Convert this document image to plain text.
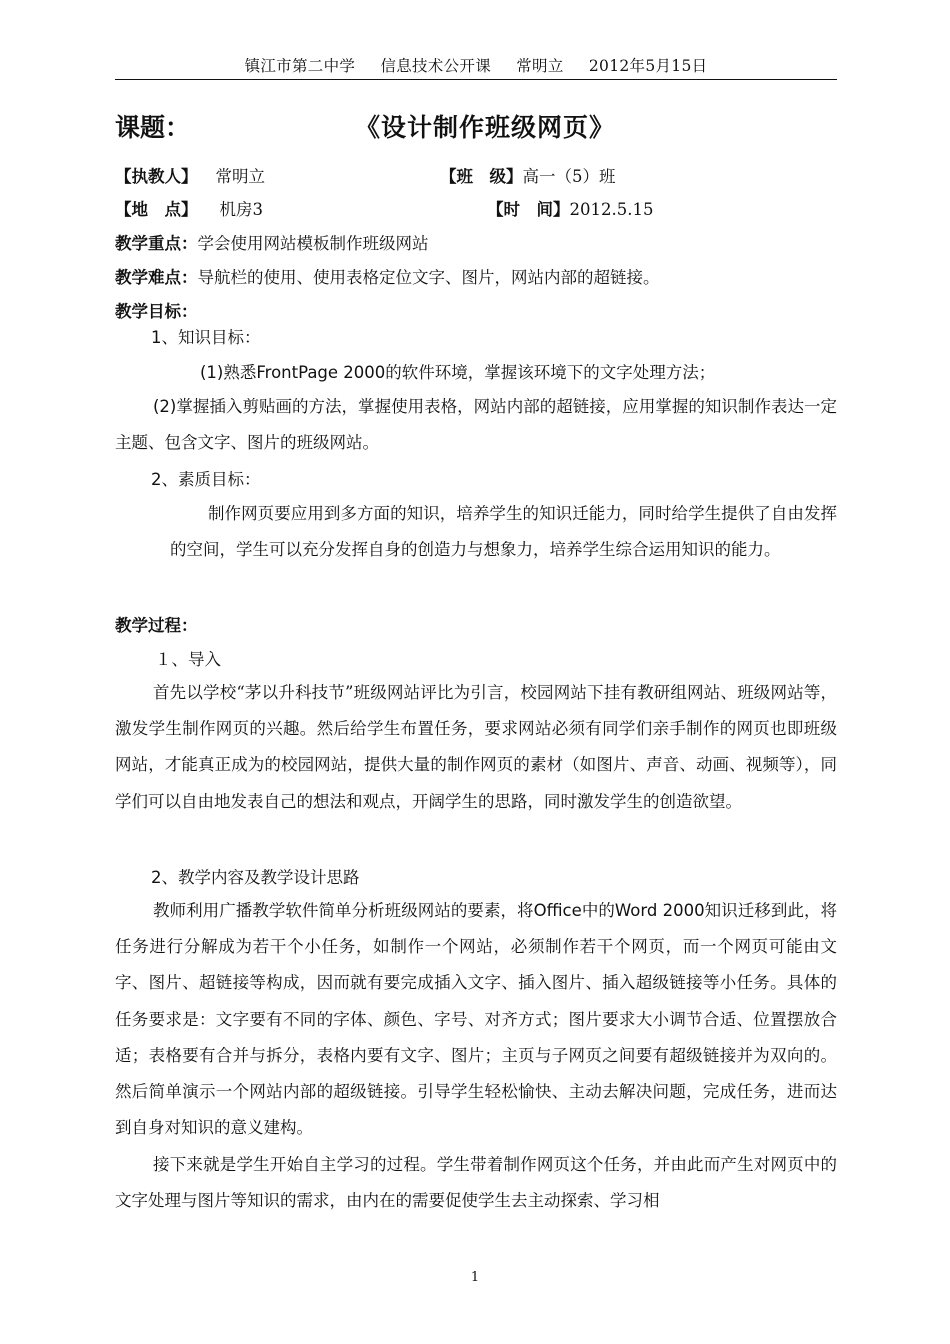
镇江市第二中学 信息技术公开课 常明立 2012年5月15日
课题：	《设计制作班级网页》
【执教人】 常明立	【班　级】高一（5）班
【地　点】 机房3	【时　间】2012.5.15
教学重点：学会使用网站模板制作班级网站
教学难点：导航栏的使用、使用表格定位文字、图片，网站内部的超链接。
教学目标：
1、知识目标：
(1)熟悉FrontPage 2000的软件环境，掌握该环境下的文字处理方法；
(2)掌握插入剪贴画的方法，掌握使用表格，网站内部的超链接，应用掌握的知识制作表达一定主题、包含文字、图片的班级网站。
2、素质目标：
制作网页要应用到多方面的知识，培养学生的知识迁能力，同时给学生提供了自由发挥的空间，学生可以充分发挥自身的创造力与想象力，培养学生综合运用知识的能力。
教学过程：
１、导入
首先以学校“茅以升科技节”班级网站评比为引言，校园网站下挂有教研组网站、班级网站等，激发学生制作网页的兴趣。然后给学生布置任务，要求网站必须有同学们亲手制作的网页也即班级网站，才能真正成为的校园网站，提供大量的制作网页的素材（如图片、声音、动画、视频等），同学们可以自由地发表自己的想法和观点，开阔学生的思路，同时激发学生的创造欲望。
2、教学内容及教学设计思路
教师利用广播教学软件简单分析班级网站的要素，将Office中的Word 2000知识迁移到此，将任务进行分解成为若干个小任务，如制作一个网站，必须制作若干个网页，而一个网页可能由文字、图片、超链接等构成，因而就有要完成插入文字、插入图片、插入超级链接等小任务。具体的任务要求是：文字要有不同的字体、颜色、字号、对齐方式；图片要求大小调节合适、位置摆放合适；表格要有合并与拆分，表格内要有文字、图片；主页与子网页之间要有超级链接并为双向的。然后简单演示一个网站内部的超级链接。引导学生轻松愉快、主动去解决问题，完成任务，进而达到自身对知识的意义建构。
接下来就是学生开始自主学习的过程。学生带着制作网页这个任务，并由此而产生对网页中的文字处理与图片等知识的需求，由内在的需要促使学生去主动探索、学习相
1
